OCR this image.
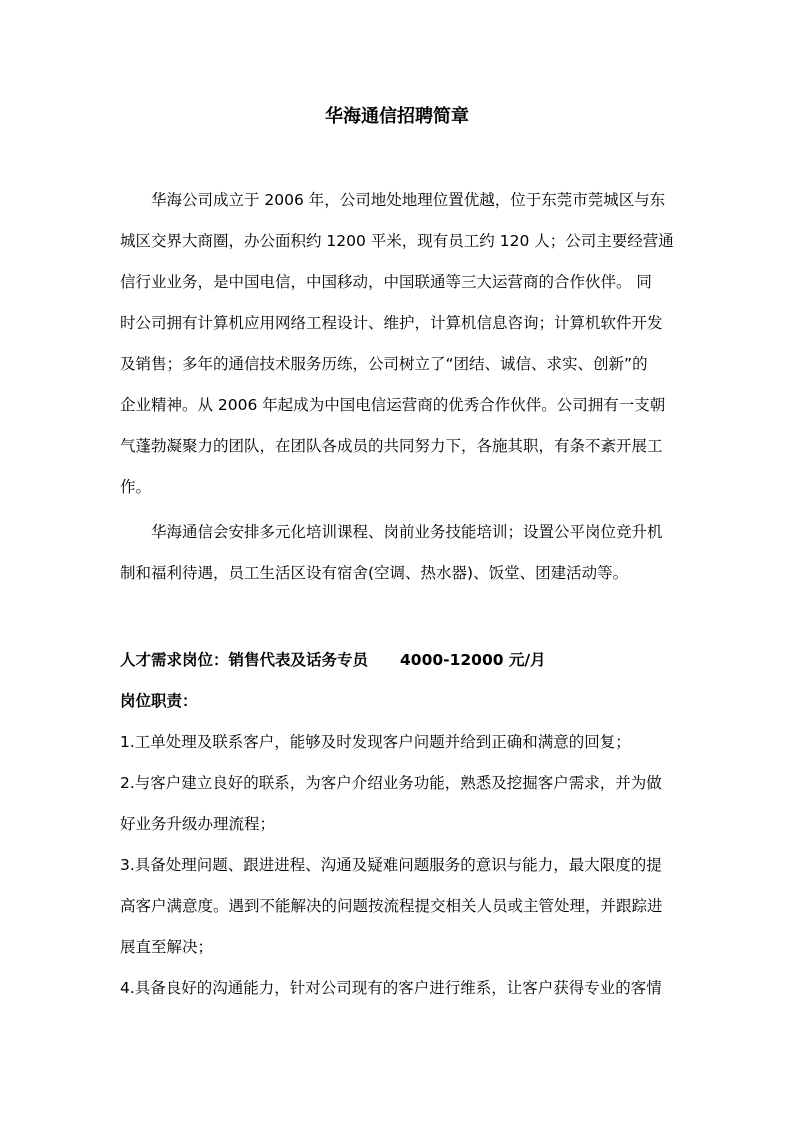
华海通信招聘简章
华海公司成立于 2006 年，公司地处地理位置优越，位于东莞市莞城区与东
城区交界大商圈，办公面积约 1200 平米，现有员工约 120 人；公司主要经营通
信行业业务，是中国电信，中国移动，中国联通等三大运营商的合作伙伴。 同
时公司拥有计算机应用网络工程设计、维护，计算机信息咨询；计算机软件开发
及销售；多年的通信技术服务历练，公司树立了“团结、诚信、求实、创新”的
企业精神。从 2006 年起成为中国电信运营商的优秀合作伙伴。公司拥有一支朝
气蓬勃凝聚力的团队，在团队各成员的共同努力下，各施其职，有条不紊开展工
作。
华海通信会安排多元化培训课程、岗前业务技能培训；设置公平岗位竞升机
制和福利待遇，员工生活区设有宿舍(空调、热水器)、饭堂、团建活动等。
人才需求岗位：销售代表及话务专员 4000-12000 元/月
岗位职责：
1.工单处理及联系客户，能够及时发现客户问题并给到正确和满意的回复；
2.与客户建立良好的联系，为客户介绍业务功能，熟悉及挖掘客户需求，并为做
好业务升级办理流程；
3.具备处理问题、跟进进程、沟通及疑难问题服务的意识与能力，最大限度的提
高客户满意度。遇到不能解决的问题按流程提交相关人员或主管处理，并跟踪进
展直至解决；
4.具备良好的沟通能力，针对公司现有的客户进行维系，让客户获得专业的客情
